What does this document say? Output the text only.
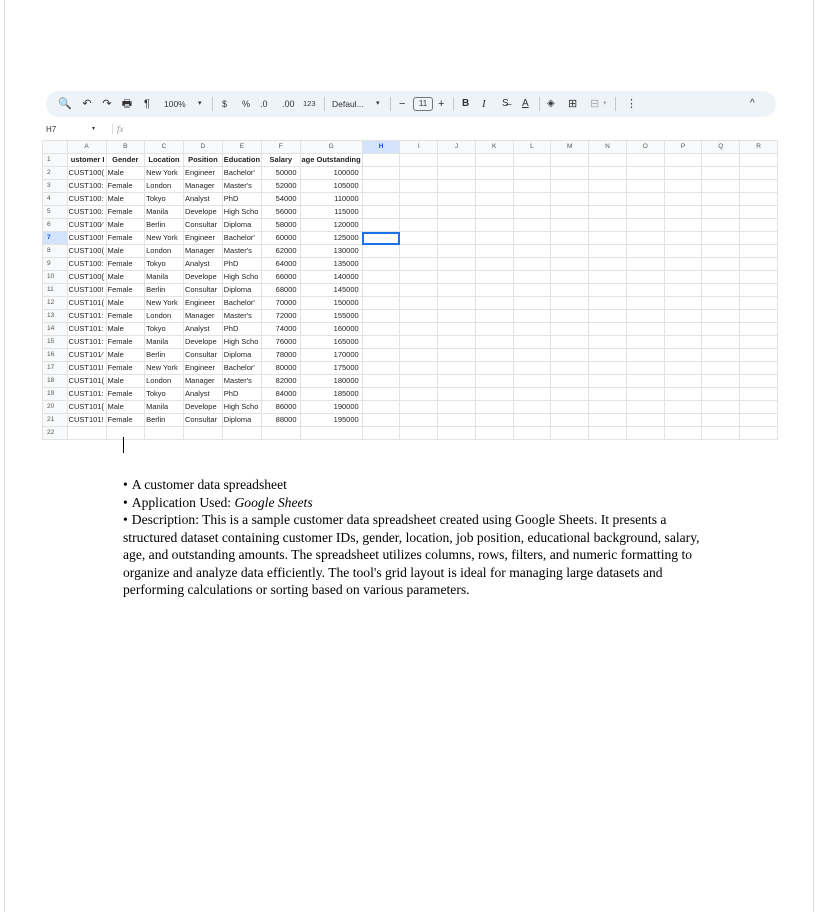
🔍 ↶ ↷ 🖶	¶	100% ▾ $ % .0 .00 123 Defaul... ▾ −	11 + B I S̶ A ◈ ⊞ ⊟ ▾ ⋮	^
H7	▾	fx
	A	B	C	D	E	F	G	H	I	J	K	L	M	N	O	P	Q	R
1	ustomer I	Gender	Location	Position	Education	Salary	age Outstanding											
2	CUST100(	Male	New York	Engineer	Bachelor'	50000	100000											
3	CUST100:	Female	London	Manager	Master's	52000	105000											
4	CUST100:	Male	Tokyo	Analyst	PhD	54000	110000											
5	CUST100:	Female	Manila	Develope	High Scho	56000	115000											
6	CUST100⁄	Male	Berlin	Consultar	Diploma	58000	120000											
7	CUST100!	Female	New York	Engineer	Bachelor'	60000	125000	

8	CUST100(	Male	London	Manager	Master's	62000	130000											
9	CUST100:	Female	Tokyo	Analyst	PhD	64000	135000											
10	CUST100{	Male	Manila	Develope	High Scho	66000	140000											
11	CUST100!	Female	Berlin	Consultar	Diploma	68000	145000											
12	CUST101(	Male	New York	Engineer	Bachelor'	70000	150000											
13	CUST101:	Female	London	Manager	Master's	72000	155000											
14	CUST101:	Male	Tokyo	Analyst	PhD	74000	160000											
15	CUST101:	Female	Manila	Develope	High Scho	76000	165000											
16	CUST101⁄	Male	Berlin	Consultar	Diploma	78000	170000											
17	CUST101!	Female	New York	Engineer	Bachelor'	80000	175000											
18	CUST101(	Male	London	Manager	Master's	82000	180000											
19	CUST101:	Female	Tokyo	Analyst	PhD	84000	185000											
20	CUST101{	Male	Manila	Develope	High Scho	86000	190000											
21	CUST101!	Female	Berlin	Consultar	Diploma	88000	195000											
22																		

• A customer data spreadsheet

• Application Used: Google Sheets

• Description: This is a sample customer data spreadsheet created using Google Sheets. It presents a structured dataset containing customer IDs, gender, location, job position, educational background, salary, age, and outstanding amounts. The spreadsheet utilizes columns, rows, filters, and numeric formatting to organize and analyze data efficiently. The tool's grid layout is ideal for managing large datasets and performing calculations or sorting based on various parameters.
